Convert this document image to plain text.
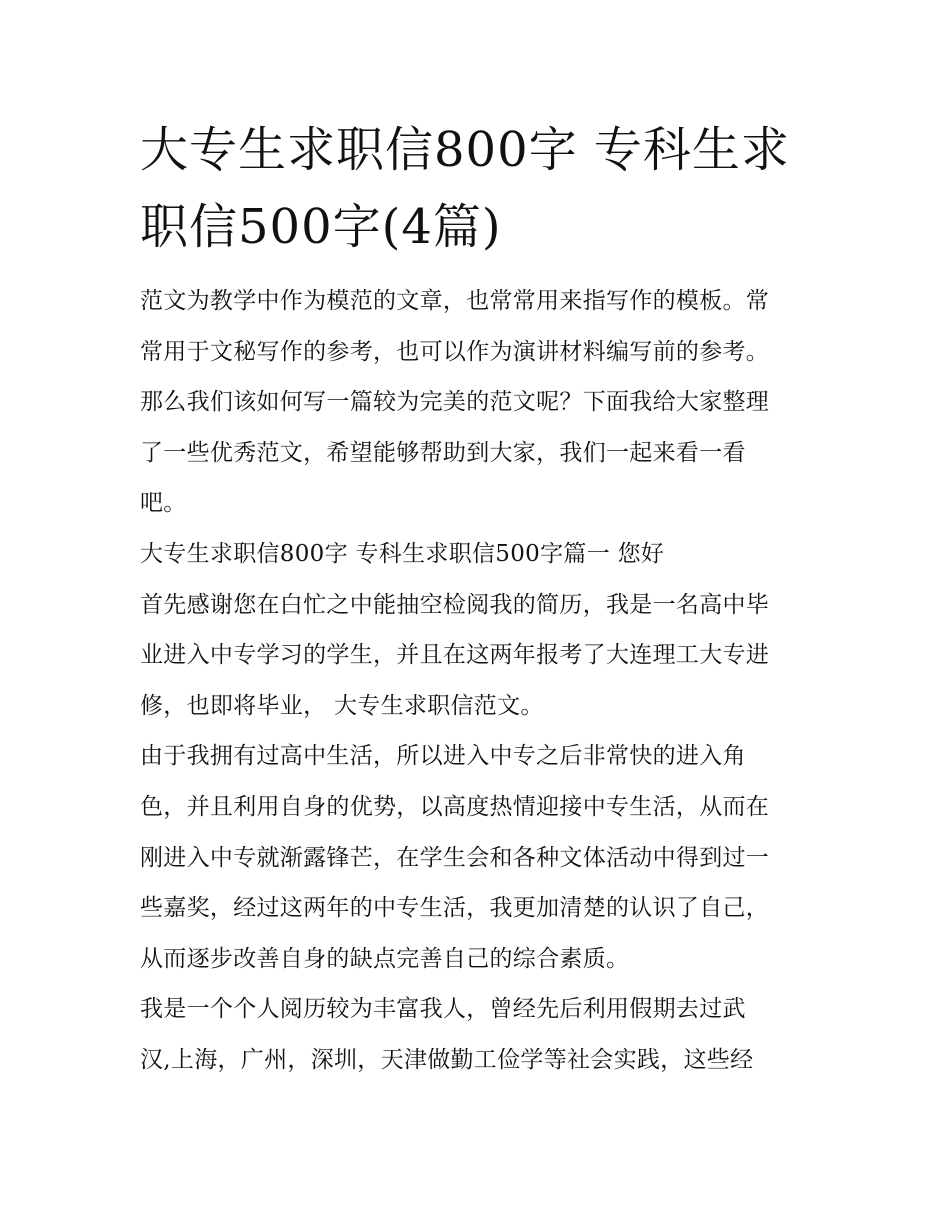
大专生求职信800字 专科生求
职信500字(4篇)

范文为教学中作为模范的文章，也常常用来指写作的模板。常
常用于文秘写作的参考，也可以作为演讲材料编写前的参考。
那么我们该如何写一篇较为完美的范文呢？下面我给大家整理
了一些优秀范文，希望能够帮助到大家，我们一起来看一看
吧。

大专生求职信800字 专科生求职信500字篇一 您好

首先感谢您在白忙之中能抽空检阅我的简历，我是一名高中毕
业进入中专学习的学生，并且在这两年报考了大连理工大专进
修，也即将毕业， 大专生求职信范文。

由于我拥有过高中生活，所以进入中专之后非常快的进入角
色，并且利用自身的优势，以高度热情迎接中专生活，从而在
刚进入中专就渐露锋芒，在学生会和各种文体活动中得到过一
些嘉奖，经过这两年的中专生活，我更加清楚的认识了自己，
从而逐步改善自身的缺点完善自己的综合素质。

我是一个个人阅历较为丰富我人，曾经先后利用假期去过武
汉,上海，广州，深圳，天津做勤工俭学等社会实践，这些经
